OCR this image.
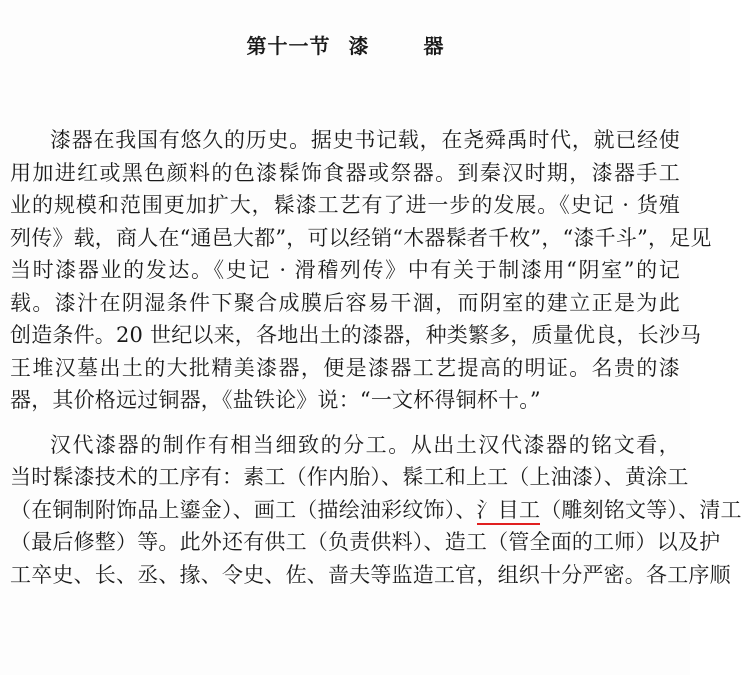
第十一节 漆 器
漆器在我国有悠久的历史。据史书记载，在尧舜禹时代，就已经使
用加进红或黑色颜料的色漆髹饰食器或祭器。到秦汉时期，漆器手工
业的规模和范围更加扩大，髹漆工艺有了进一步的发展。《史记 · 货殖
列传》载，商人在“通邑大都”，可以经销“木器髹者千枚”，“漆千斗”，足见
当时漆器业的发达。《史记 · 滑稽列传》中有关于制漆用“阴室”的记
载。漆汁在阴湿条件下聚合成膜后容易干涸，而阴室的建立正是为此
创造条件。20 世纪以来，各地出土的漆器，种类繁多，质量优良，长沙马
王堆汉墓出土的大批精美漆器，便是漆器工艺提高的明证。名贵的漆
器，其价格远过铜器，《盐铁论》说：“一文杯得铜杯十。”
汉代漆器的制作有相当细致的分工。从出土汉代漆器的铭文看，
当时髹漆技术的工序有：素工（作内胎）、髹工和上工（上油漆）、黄涂工
（在铜制附饰品上鎏金）、画工（描绘油彩纹饰）、氵目工（雕刻铭文等）、清工
（最后修整）等。此外还有供工（负责供料）、造工（管全面的工师）以及护
工卒史、长、丞、掾、令史、佐、啬夫等监造工官，组织十分严密。各工序顺
